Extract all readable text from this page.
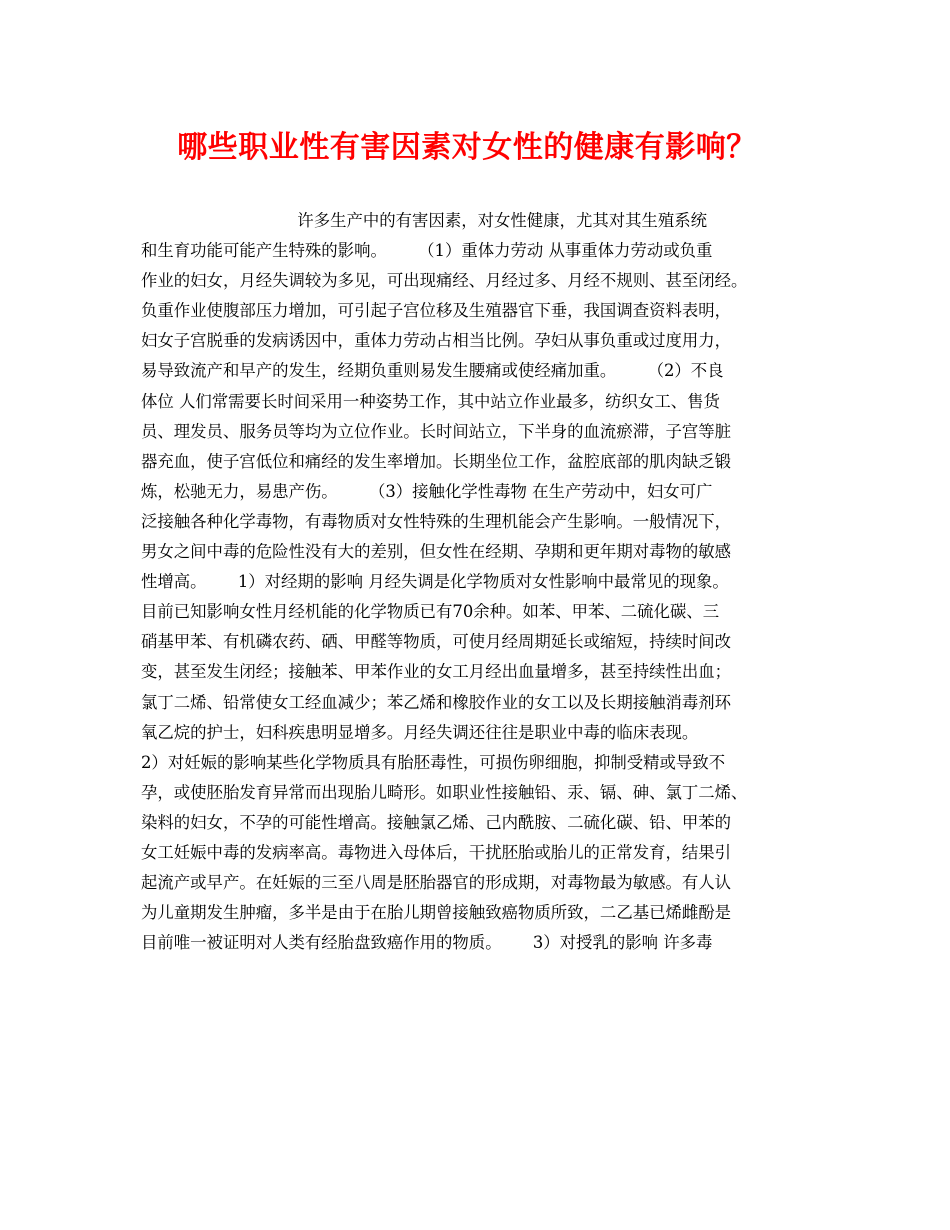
哪些职业性有害因素对女性的健康有影响？
许多生产中的有害因素，对女性健康，尤其对其生殖系统
和生育功能可能产生特殊的影响。      （1）重体力劳动 从事重体力劳动或负重
作业的妇女，月经失调较为多见，可出现痛经、月经过多、月经不规则、甚至闭经。
负重作业使腹部压力增加，可引起子宫位移及生殖器官下垂，我国调查资料表明，
妇女子宫脱垂的发病诱因中，重体力劳动占相当比例。孕妇从事负重或过度用力，
易导致流产和早产的发生，经期负重则易发生腰痛或使经痛加重。      （2）不良
体位 人们常需要长时间采用一种姿势工作，其中站立作业最多，纺织女工、售货
员、理发员、服务员等均为立位作业。长时间站立，下半身的血流瘀滞，子宫等脏
器充血，使子宫低位和痛经的发生率增加。长期坐位工作，盆腔底部的肌肉缺乏锻
炼，松驰无力，易患产伤。      （3）接触化学性毒物 在生产劳动中，妇女可广
泛接触各种化学毒物，有毒物质对女性特殊的生理机能会产生影响。一般情况下，
男女之间中毒的危险性没有大的差别，但女性在经期、孕期和更年期对毒物的敏感
性增高。      1）对经期的影响 月经失调是化学物质对女性影响中最常见的现象。
目前已知影响女性月经机能的化学物质已有70余种。如苯、甲苯、二硫化碳、三
硝基甲苯、有机磷农药、硒、甲醛等物质，可使月经周期延长或缩短，持续时间改
变，甚至发生闭经；接触苯、甲苯作业的女工月经出血量增多，甚至持续性出血；
氯丁二烯、铅常使女工经血减少；苯乙烯和橡胶作业的女工以及长期接触消毒剂环
氧乙烷的护士，妇科疾患明显增多。月经失调还往往是职业中毒的临床表现。
2）对妊娠的影响某些化学物质具有胎胚毒性，可损伤卵细胞，抑制受精或导致不
孕，或使胚胎发育异常而出现胎儿畸形。如职业性接触铅、汞、镉、砷、氯丁二烯、
染料的妇女，不孕的可能性增高。接触氯乙烯、己内酰胺、二硫化碳、铅、甲苯的
女工妊娠中毒的发病率高。毒物进入母体后，干扰胚胎或胎儿的正常发育，结果引
起流产或早产。在妊娠的三至八周是胚胎器官的形成期，对毒物最为敏感。有人认
为儿童期发生肿瘤，多半是由于在胎儿期曾接触致癌物质所致，二乙基已烯雌酚是
目前唯一被证明对人类有经胎盘致癌作用的物质。      3）对授乳的影响 许多毒
